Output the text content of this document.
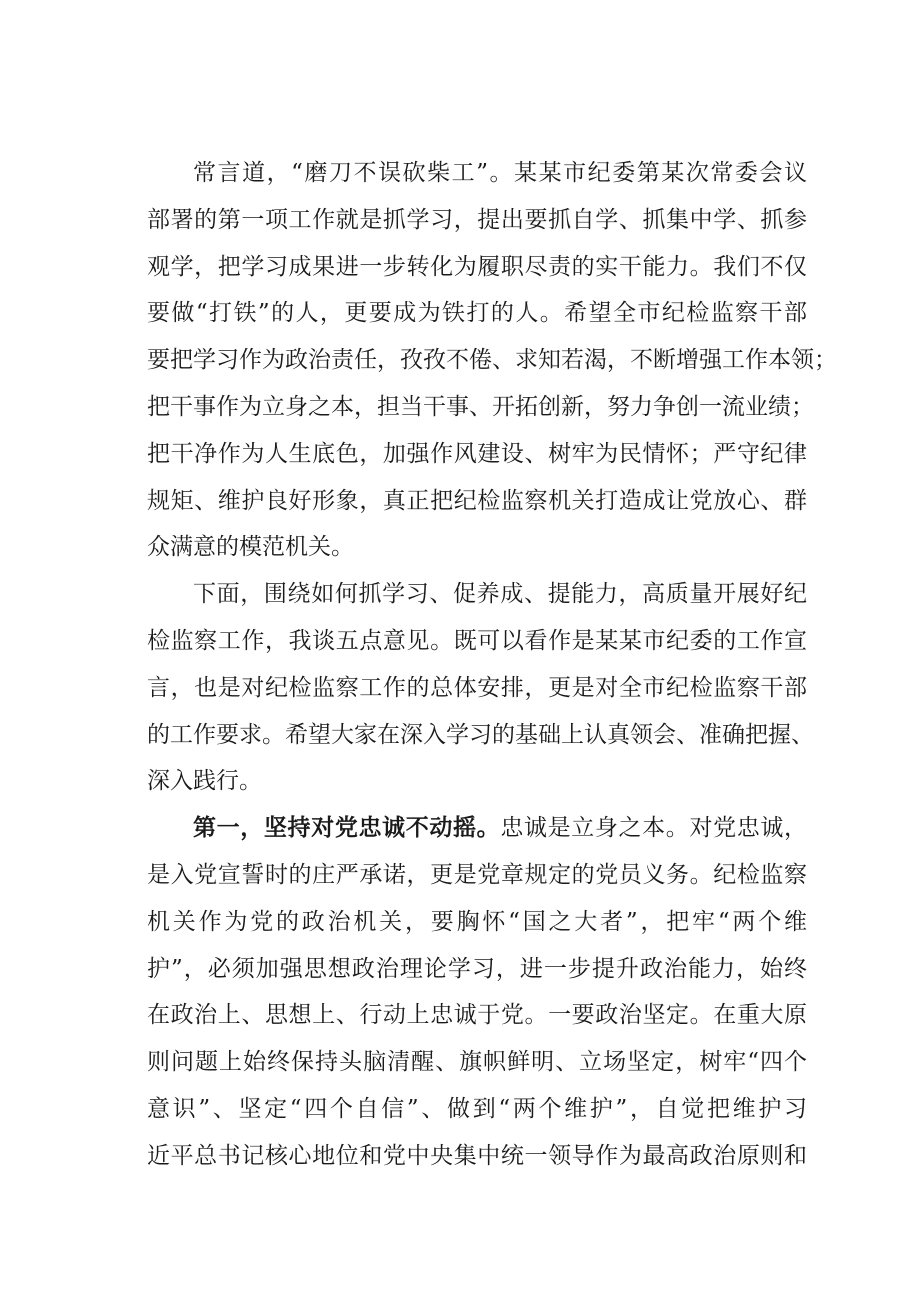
常言道，“磨刀不误砍柴工”。某某市纪委第某次常委会议
部署的第一项工作就是抓学习，提出要抓自学、抓集中学、抓参
观学，把学习成果进一步转化为履职尽责的实干能力。我们不仅
要做“打铁”的人，更要成为铁打的人。希望全市纪检监察干部
要把学习作为政治责任，孜孜不倦、求知若渴，不断增强工作本领；
把干事作为立身之本，担当干事、开拓创新，努力争创一流业绩；
把干净作为人生底色，加强作风建设、树牢为民情怀；严守纪律
规矩、维护良好形象，真正把纪检监察机关打造成让党放心、群
众满意的模范机关。
下面，围绕如何抓学习、促养成、提能力，高质量开展好纪
检监察工作，我谈五点意见。既可以看作是某某市纪委的工作宣
言，也是对纪检监察工作的总体安排，更是对全市纪检监察干部
的工作要求。希望大家在深入学习的基础上认真领会、准确把握、
深入践行。
第一，坚持对党忠诚不动摇。忠诚是立身之本。对党忠诚，
是入党宣誓时的庄严承诺，更是党章规定的党员义务。纪检监察
机关作为党的政治机关，要胸怀“国之大者”，把牢“两个维
护”，必须加强思想政治理论学习，进一步提升政治能力，始终
在政治上、思想上、行动上忠诚于党。一要政治坚定。在重大原
则问题上始终保持头脑清醒、旗帜鲜明、立场坚定，树牢“四个
意识”、坚定“四个自信”、做到“两个维护”，自觉把维护习
近平总书记核心地位和党中央集中统一领导作为最高政治原则和
